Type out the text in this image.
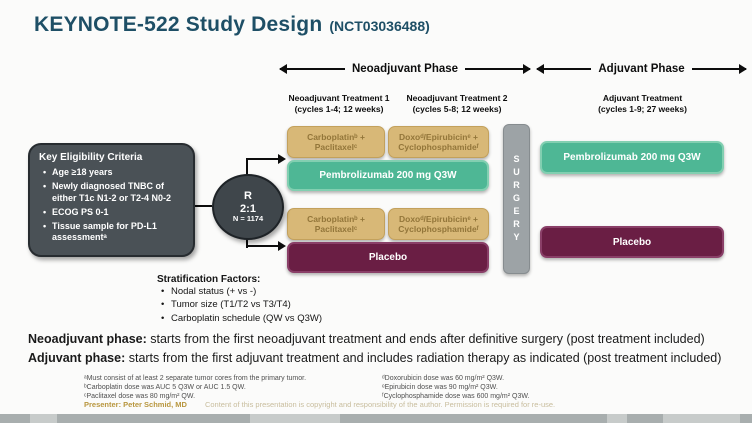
KEYNOTE-522 Study Design (NCT03036488)
Neoadjuvant Phase	Adjuvant Phase
Neoadjuvant Treatment 1
(cycles 1-4; 12 weeks)
Neoadjuvant Treatment 2
(cycles 5-8; 12 weeks)
Adjuvant Treatment
(cycles 1-9; 27 weeks)
Key Eligibility Criteria
• Age ≥18 years
• Newly diagnosed TNBC of either T1c N1-2 or T2-4 N0-2
• ECOG PS 0-1
• Tissue sample for PD-L1 assessmentᵃ
R
2:1
N = 1174
Carboplatinᵇ + Paclitaxelᶜ
Doxoᵈ/Epirubicinᵉ + Cyclophosphamideᶠ
Pembrolizumab 200 mg Q3W
Carboplatinᵇ + Paclitaxelᶜ
Doxoᵈ/Epirubicinᵉ + Cyclophosphamideᶠ
Placebo
SURGERY	Pembrolizumab 200 mg Q3W
Placebo
Stratification Factors:
• Nodal status (+ vs -)
• Tumor size (T1/T2 vs T3/T4)
• Carboplatin schedule (QW vs Q3W)
Neoadjuvant phase: starts from the first neoadjuvant treatment and ends after definitive surgery (post treatment included)
Adjuvant phase: starts from the first adjuvant treatment and includes radiation therapy as indicated (post treatment included)
ᵃMust consist of at least 2 separate tumor cores from the primary tumor.
ᵇCarboplatin dose was AUC 5 Q3W or AUC 1.5 QW.
ᶜPaclitaxel dose was 80 mg/m² QW.
ᵈDoxorubicin dose was 60 mg/m² Q3W.
ᵉEpirubicin dose was 90 mg/m² Q3W.
ᶠCyclophosphamide dose was 600 mg/m² Q3W.
Presenter: Peter Schmid, MD Content of this presentation is copyright and responsibility of the author. Permission is required for re-use.
